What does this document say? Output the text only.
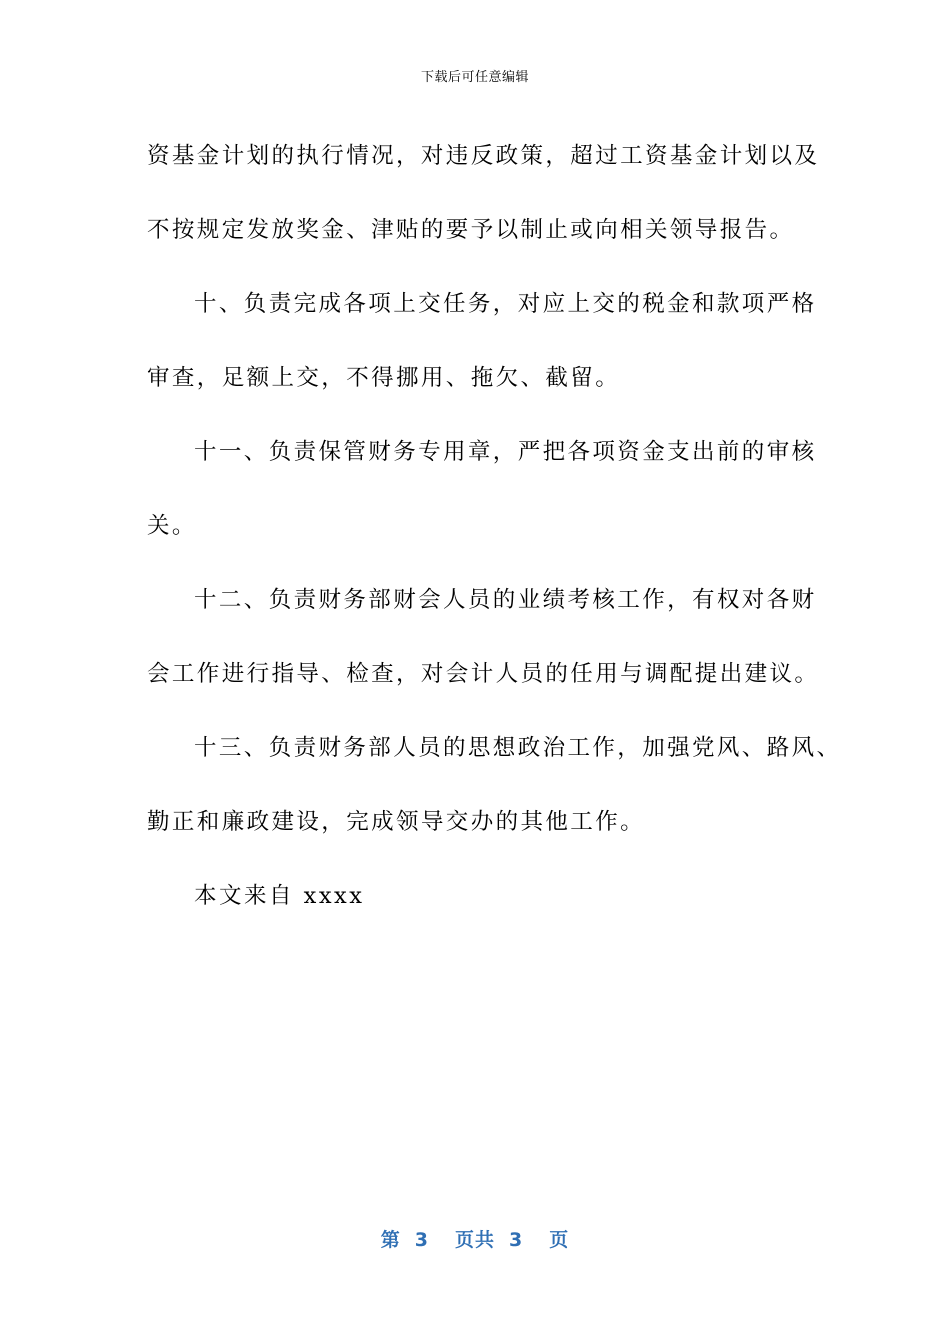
下载后可任意编辑

资基金计划的执行情况，对违反政策，超过工资基金计划以及

不按规定发放奖金、津贴的要予以制止或向相关领导报告。

十、负责完成各项上交任务，对应上交的税金和款项严格

审查，足额上交，不得挪用、拖欠、截留。

十一、负责保管财务专用章，严把各项资金支出前的审核

关。

十二、负责财务部财会人员的业绩考核工作，有权对各财

会工作进行指导、检查，对会计人员的任用与调配提出建议。

十三、负责财务部人员的思想政治工作，加强党风、路风、

勤正和廉政建设，完成领导交办的其他工作。

本文来自 xxxx

第 3 页共 3 页
